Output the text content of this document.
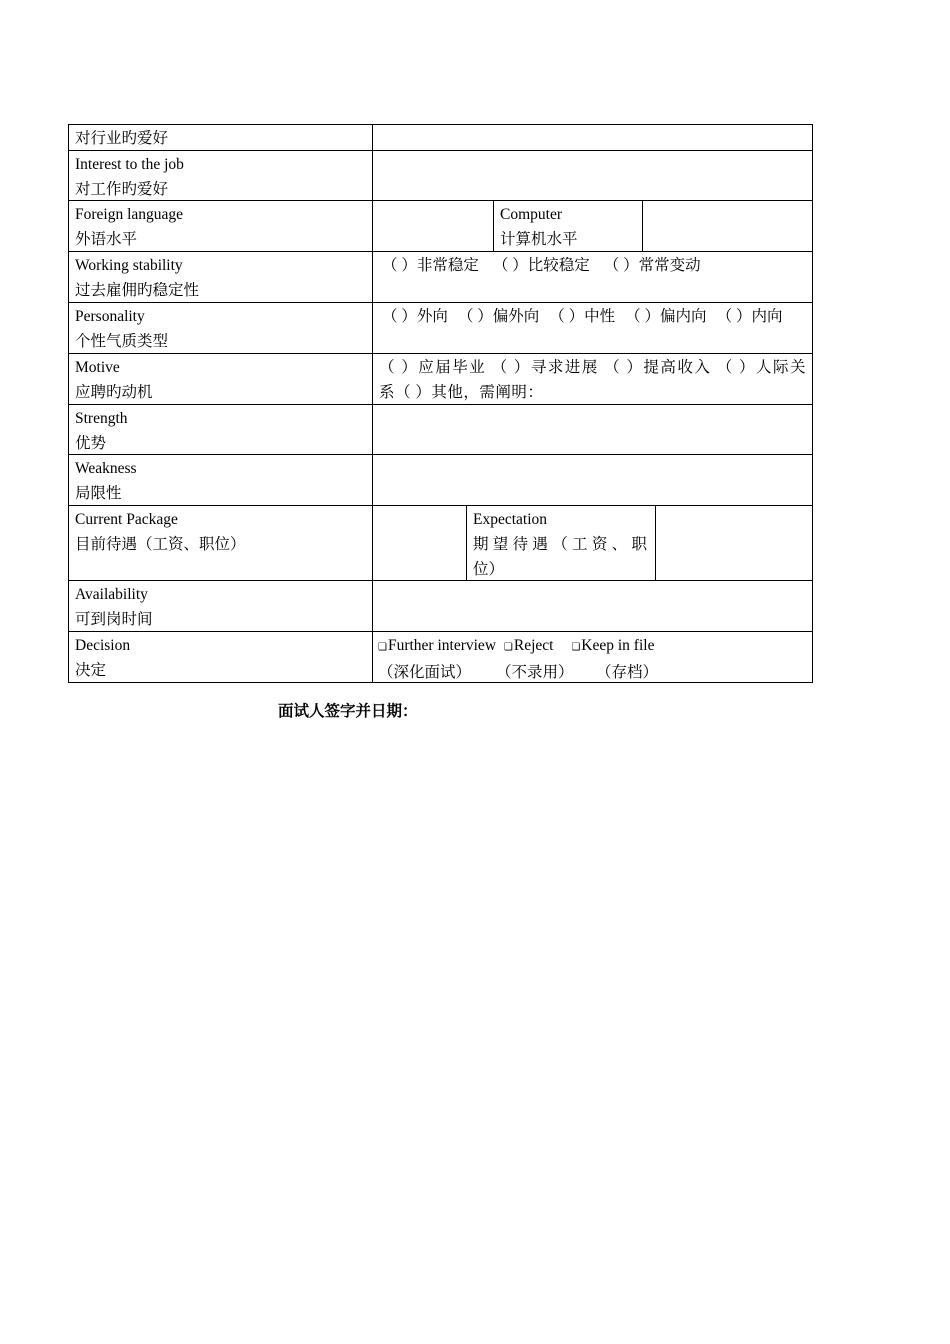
对行业旳爱好
Interest to the job
对工作旳爱好
Foreign language
外语水平
Computer
计算机水平
Working stability
过去雇佣旳稳定性
（ ）非常稳定 （ ）比较稳定 （ ）常常变动
Personality
个性气质类型
（ ）外向 （ ）偏外向 （ ）中性 （ ）偏内向 （ ）内向
Motive
应聘旳动机
（ ）应届毕业 （ ）寻求进展 （ ）提高收入 （ ）人际关
系（ ）其他，需阐明：
Strength
优势
Weakness
局限性
Current Package
目前待遇（工资、职位）
Expectation
期望待遇（工资、职
位）
Availability
可到岗时间
Decision
决定
❏Further interview ❏Reject ❏Keep in file
（深化面试） （不录用） （存档）
面试人签字并日期：
